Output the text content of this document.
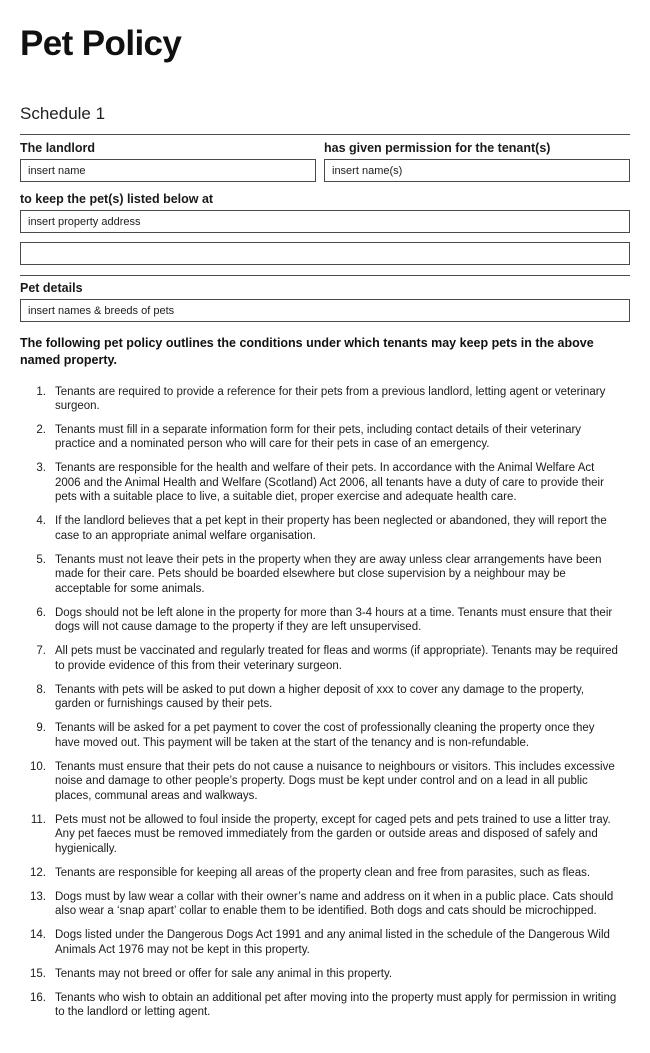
Pet Policy
Schedule 1
The landlord	has given permission for the tenant(s)
insert name
insert name(s)
to keep the pet(s) listed below at
insert property address
Pet details
insert names & breeds of pets

The following pet policy outlines the conditions under which tenants may keep pets in the above named property.

1. Tenants are required to provide a reference for their pets from a previous landlord, letting agent or veterinary surgeon.
2. Tenants must fill in a separate information form for their pets, including contact details of their veterinary practice and a nominated person who will care for their pets in case of an emergency.
3. Tenants are responsible for the health and welfare of their pets. In accordance with the Animal Welfare Act 2006 and the Animal Health and Welfare (Scotland) Act 2006, all tenants have a duty of care to provide their pets with a suitable place to live, a suitable diet, proper exercise and adequate health care.
4. If the landlord believes that a pet kept in their property has been neglected or abandoned, they will report the case to an appropriate animal welfare organisation.
5. Tenants must not leave their pets in the property when they are away unless clear arrangements have been made for their care. Pets should be boarded elsewhere but close supervision by a neighbour may be acceptable for some animals.
6. Dogs should not be left alone in the property for more than 3-4 hours at a time. Tenants must ensure that their dogs will not cause damage to the property if they are left unsupervised.
7. All pets must be vaccinated and regularly treated for fleas and worms (if appropriate). Tenants may be required to provide evidence of this from their veterinary surgeon.
8. Tenants with pets will be asked to put down a higher deposit of xxx to cover any damage to the property, garden or furnishings caused by their pets.
9. Tenants will be asked for a pet payment to cover the cost of professionally cleaning the property once they have moved out. This payment will be taken at the start of the tenancy and is non-refundable.
10. Tenants must ensure that their pets do not cause a nuisance to neighbours or visitors. This includes excessive noise and damage to other people’s property. Dogs must be kept under control and on a lead in all public places, communal areas and walkways.
11. Pets must not be allowed to foul inside the property, except for caged pets and pets trained to use a litter tray. Any pet faeces must be removed immediately from the garden or outside areas and disposed of safely and hygienically.
12. Tenants are responsible for keeping all areas of the property clean and free from parasites, such as fleas.
13. Dogs must by law wear a collar with their owner’s name and address on it when in a public place. Cats should also wear a ‘snap apart’ collar to enable them to be identified. Both dogs and cats should be microchipped.
14. Dogs listed under the Dangerous Dogs Act 1991 and any animal listed in the schedule of the Dangerous Wild Animals Act 1976 may not be kept in this property.
15. Tenants may not breed or offer for sale any animal in this property.
16. Tenants who wish to obtain an additional pet after moving into the property must apply for permission in writing to the landlord or letting agent.
